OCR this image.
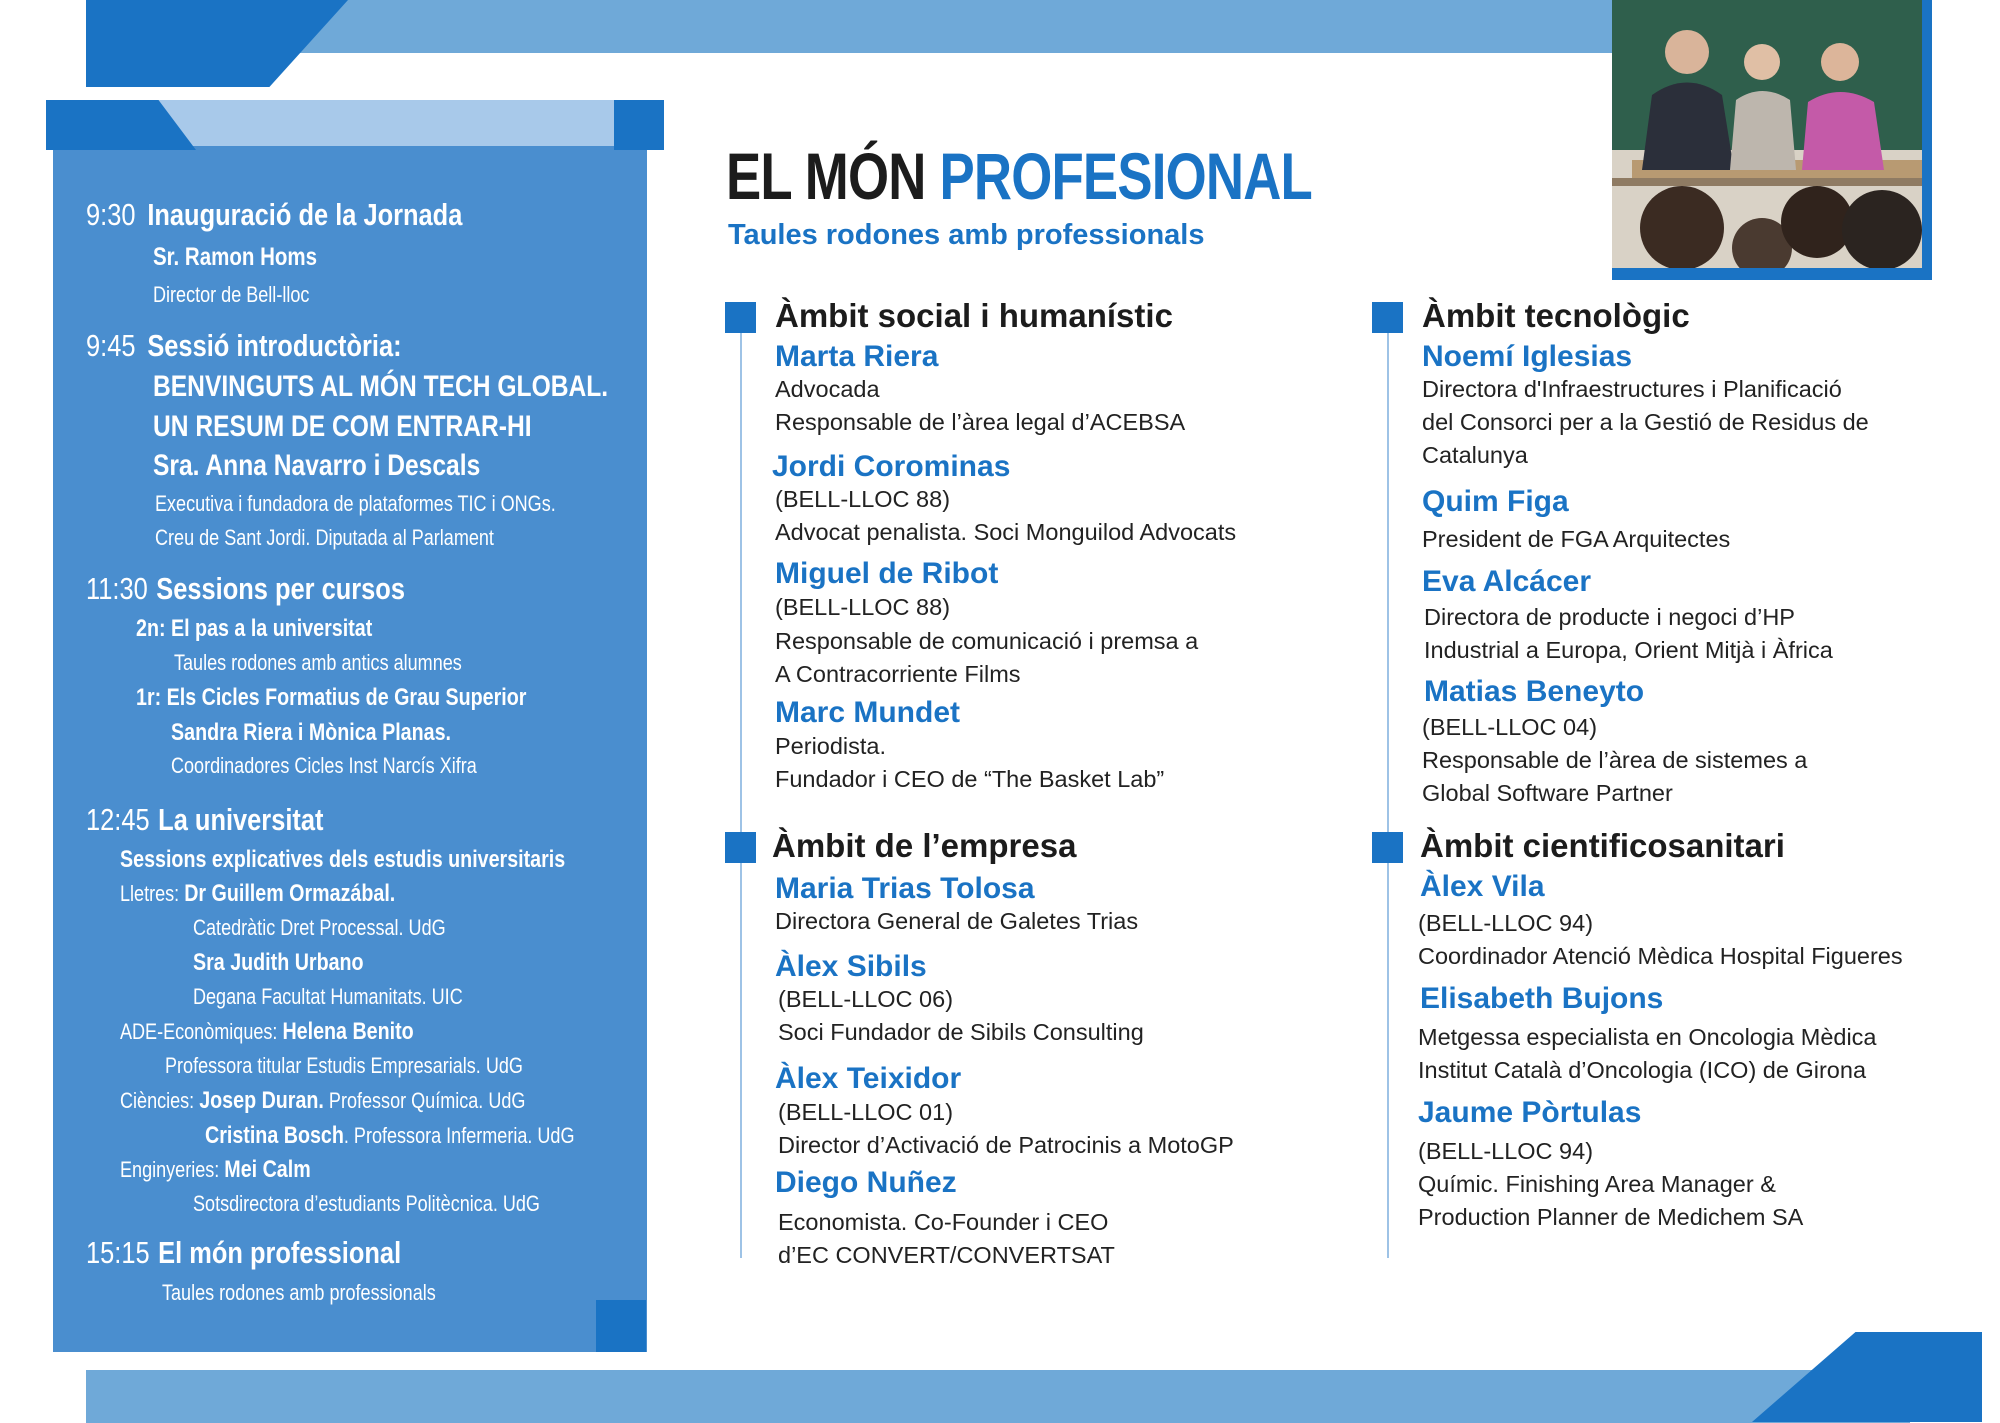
9:30 Inauguració de la Jornada
Sr. Ramon Homs
Director de Bell-lloc
9:45 Sessió introductòria:
BENVINGUTS AL MÓN TECH GLOBAL.
UN RESUM DE COM ENTRAR-HI
Sra. Anna Navarro i Descals
Executiva i fundadora de plataformes TIC i ONGs.
Creu de Sant Jordi. Diputada al Parlament
11:30 Sessions per cursos
2n: El pas a la universitat
Taules rodones amb antics alumnes
1r: Els Cicles Formatius de Grau Superior
Sandra Riera i Mònica Planas.
Coordinadores Cicles Inst Narcís Xifra
12:45 La universitat
Sessions explicatives dels estudis universitaris
Lletres: Dr Guillem Ormazábal.
Catedràtic Dret Processal. UdG
Sra Judith Urbano
Degana Facultat Humanitats. UIC
ADE-Econòmiques: Helena Benito
Professora titular Estudis Empresarials. UdG
Ciències: Josep Duran. Professor Química. UdG
Cristina Bosch. Professora Infermeria. UdG
Enginyeries: Mei Calm
Sotsdirectora d’estudiants Politècnica. UdG
15:15 El món professional
Taules rodones amb professionals
EL MÓN PROFESIONAL
Taules rodones amb professionals
Àmbit social i humanístic
Marta Riera
Advocada
Responsable de l’àrea legal d’ACEBSA
Jordi Corominas
(BELL-LLOC 88)
Advocat penalista. Soci Monguilod Advocats
Miguel de Ribot
(BELL-LLOC 88)
Responsable de comunicació i premsa a
A Contracorriente Films
Marc Mundet
Periodista.
Fundador i CEO de “The Basket Lab”
Àmbit de l’empresa
Maria Trias Tolosa
Directora General de Galetes Trias
Àlex Sibils
(BELL-LLOC 06)
Soci Fundador de Sibils Consulting
Àlex Teixidor
(BELL-LLOC 01)
Director d’Activació de Patrocinis a MotoGP
Diego Nuñez
Economista. Co-Founder i CEO
d’EC CONVERT/CONVERTSAT
Àmbit tecnològic
Noemí Iglesias
Directora d'Infraestructures i Planificació
del Consorci per a la Gestió de Residus de
Catalunya
Quim Figa
President de FGA Arquitectes
Eva Alcácer
Directora de producte i negoci d’HP
Industrial a Europa, Orient Mitjà i Àfrica
Matias Beneyto
(BELL-LLOC 04)
Responsable de l’àrea de sistemes a
Global Software Partner
Àmbit cientificosanitari
Àlex Vila
(BELL-LLOC 94)
Coordinador Atenció Mèdica Hospital Figueres
Elisabeth Bujons
Metgessa especialista en Oncologia Mèdica
Institut Català d’Oncologia (ICO) de Girona
Jaume Pòrtulas
(BELL-LLOC 94)
Químic. Finishing Area Manager &
Production Planner de Medichem SA
